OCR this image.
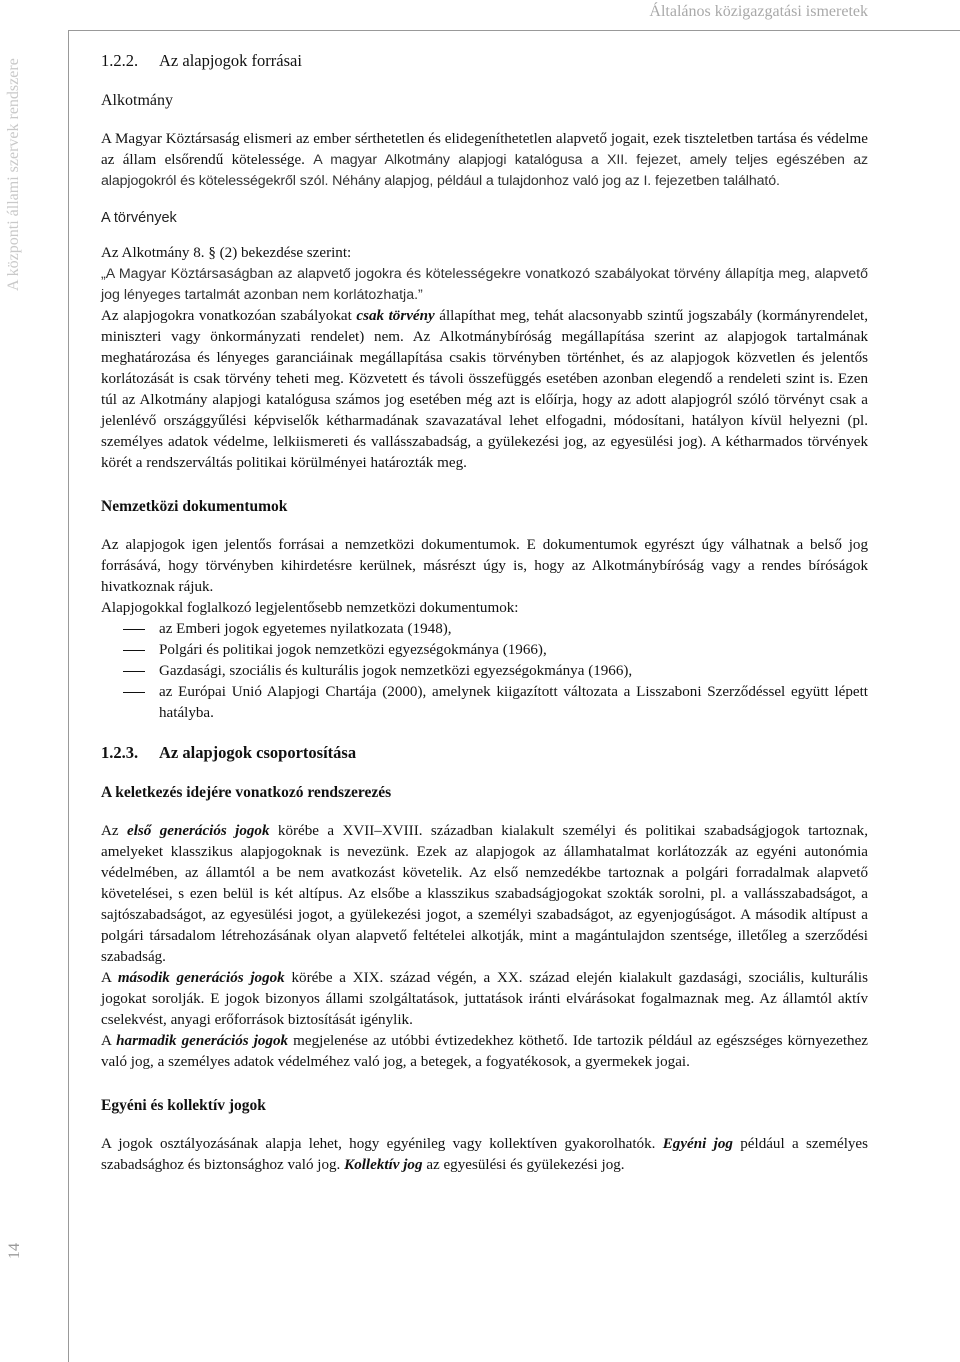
Általános közigazgatási ismeretek
A központi állami szervek rendszere
14
1.2.2. Az alapjogok forrásai
Alkotmány

A Magyar Köztársaság elismeri az ember sérthetetlen és elidegeníthetetlen alapvető jogait, ezek tiszteletben tartása és védelme az állam elsőrendű kötelessége. A magyar Alkotmány alapjogi katalógusa a XII. fejezet, amely teljes egészében az alapjogokról és kötelességekről szól. Néhány alapjog, például a tulajdonhoz való jog az I. fejezetben található.

A törvények

Az Alkotmány 8. § (2) bekezdése szerint:

„A Magyar Köztársaságban az alapvető jogokra és kötelességekre vonatkozó szabályokat törvény állapítja meg, alapvető jog lényeges tartalmát azonban nem korlátozhatja.”

Az alapjogokra vonatkozóan szabályokat csak törvény állapíthat meg, tehát alacsonyabb szintű jogszabály (kormányrendelet, miniszteri vagy önkormányzati rendelet) nem. Az Alkotmánybíróság megállapítása szerint az alapjogok tartalmának meghatározása és lényeges garanciáinak megállapítása csakis törvényben történhet, és az alapjogok közvetlen és jelentős korlátozását is csak törvény teheti meg. Közvetett és távoli összefüggés esetében azonban elegendő a rendeleti szint is. Ezen túl az Alkotmány alapjogi katalógusa számos jog esetében még azt is előírja, hogy az adott alapjogról szóló törvényt csak a jelenlévő országgyűlési képviselők kétharmadának szavazatával lehet elfogadni, módosítani, hatályon kívül helyezni (pl. személyes adatok védelme, lelkiismereti és vallásszabadság, a gyülekezési jog, az egyesülési jog). A kétharmados törvények körét a rendszerváltás politikai körülményei határozták meg.

Nemzetközi dokumentumok

Az alapjogok igen jelentős forrásai a nemzetközi dokumentumok. E dokumentumok egyrészt úgy válhatnak a belső jog forrásává, hogy törvényben kihirdetésre kerülnek, másrészt úgy is, hogy az Alkotmánybíróság vagy a rendes bíróságok hivatkoznak rájuk.

Alapjogokkal foglalkozó legjelentősebb nemzetközi dokumentumok:

az Emberi jogok egyetemes nyilatkozata (1948),
Polgári és politikai jogok nemzetközi egyezségokmánya (1966),
Gazdasági, szociális és kulturális jogok nemzetközi egyezségokmánya (1966),
az Európai Unió Alapjogi Chartája (2000), amelynek kiigazított változata a Lisszaboni Szerződéssel együtt lépett hatályba.
1.2.3. Az alapjogok csoportosítása
A keletkezés idejére vonatkozó rendszerezés

Az első generációs jogok körébe a XVII–XVIII. században kialakult személyi és politikai szabadságjogok tartoznak, amelyeket klasszikus alapjogoknak is nevezünk. Ezek az alapjogok az államhatalmat korlátozzák az egyéni autonómia védelmében, az államtól a be nem avatkozást követelik. Az első nemzedékbe tartoznak a polgári forradalmak alapvető követelései, s ezen belül is két altípus. Az elsőbe a klasszikus szabadságjogokat szokták sorolni, pl. a vallásszabadságot, a sajtószabadságot, az egyesülési jogot, a gyülekezési jogot, a személyi szabadságot, az egyenjogúságot. A második altípust a polgári társadalom létrehozásának olyan alapvető feltételei alkotják, mint a magántulajdon szentsége, illetőleg a szerződési szabadság.

A második generációs jogok körébe a XIX. század végén, a XX. század elején kialakult gazdasági, szociális, kulturális jogokat sorolják. E jogok bizonyos állami szolgáltatások, juttatások iránti elvárásokat fogalmaznak meg. Az államtól aktív cselekvést, anyagi erőforrások biztosítását igénylik.

A harmadik generációs jogok megjelenése az utóbbi évtizedekhez köthető. Ide tartozik például az egészséges környezethez való jog, a személyes adatok védelméhez való jog, a betegek, a fogyatékosok, a gyermekek jogai.

Egyéni és kollektív jogok

A jogok osztályozásának alapja lehet, hogy egyénileg vagy kollektíven gyakorolhatók. Egyéni jog például a személyes szabadsághoz és biztonsághoz való jog. Kollektív jog az egyesülési és gyülekezési jog.
